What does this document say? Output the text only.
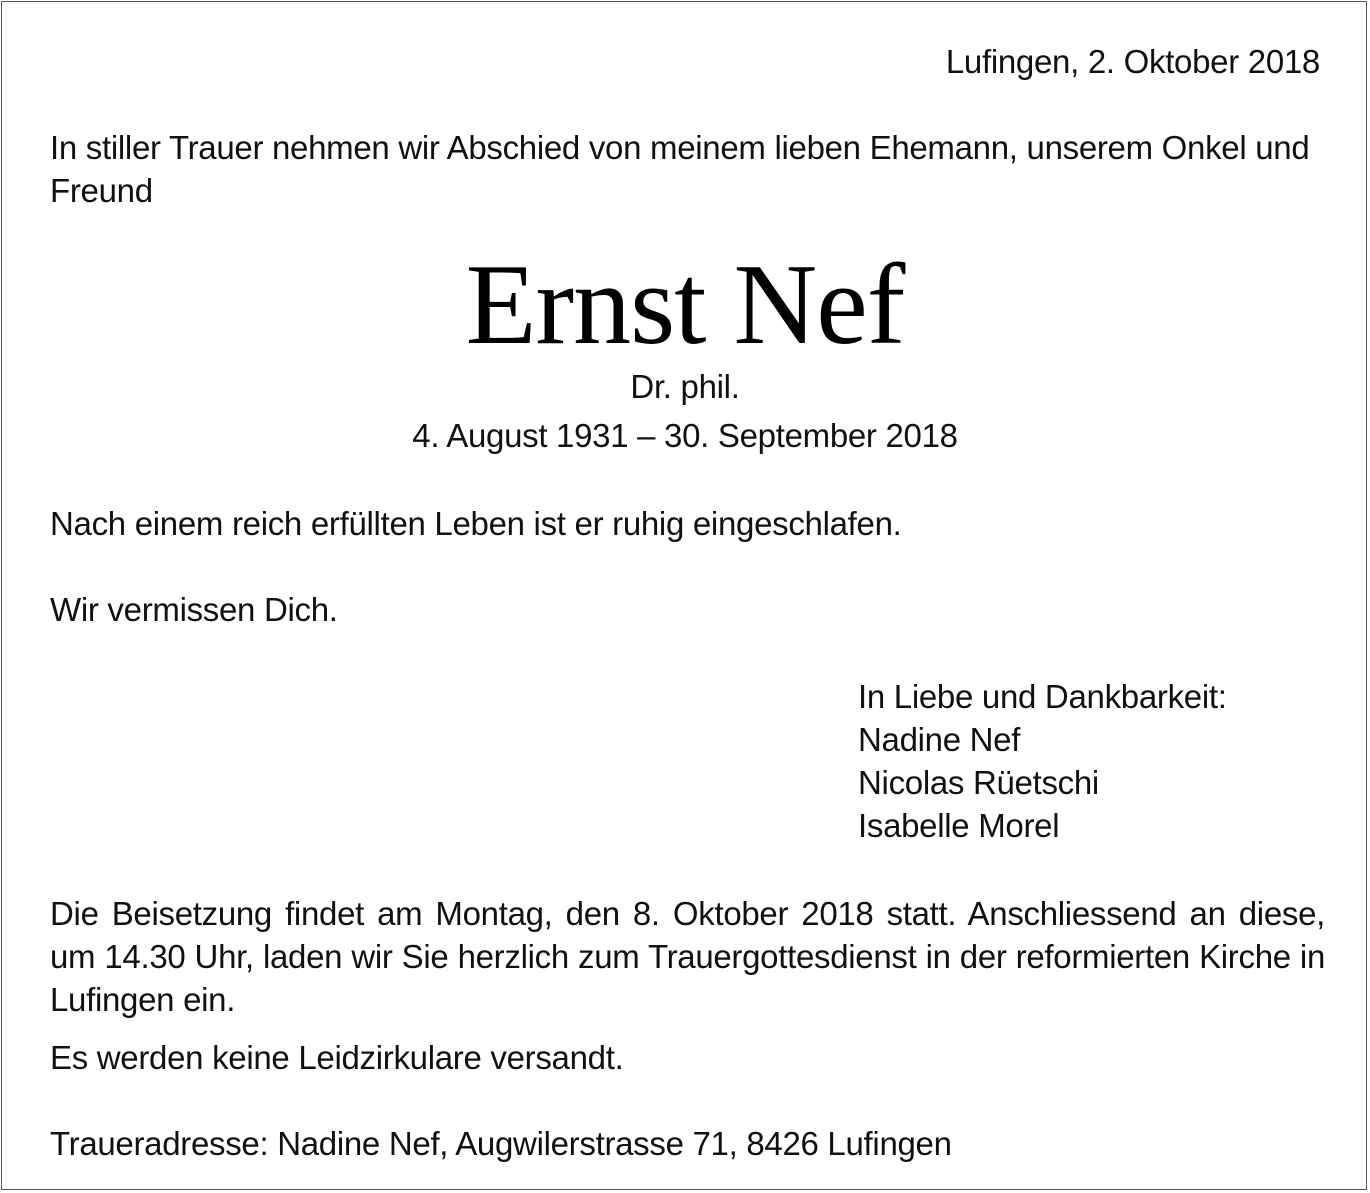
Lufingen, 2. Oktober 2018
In stiller Trauer nehmen wir Abschied von meinem lieben Ehemann, unserem Onkel und Freund
Ernst Nef
Dr. phil.
4. August 1931 – 30. September 2018
Nach einem reich erfüllten Leben ist er ruhig eingeschlafen.
Wir vermissen Dich.
In Liebe und Dankbarkeit:
Nadine Nef
Nicolas Rüetschi
Isabelle Morel
Die Beisetzung findet am Montag, den 8. Oktober 2018 statt. Anschliessend an diese, um 14.30 Uhr, laden wir Sie herzlich zum Trauergottesdienst in der reformierten Kirche in Lufingen ein.
Es werden keine Leidzirkulare versandt.
Traueradresse: Nadine Nef, Augwilerstrasse 71, 8426 Lufingen
